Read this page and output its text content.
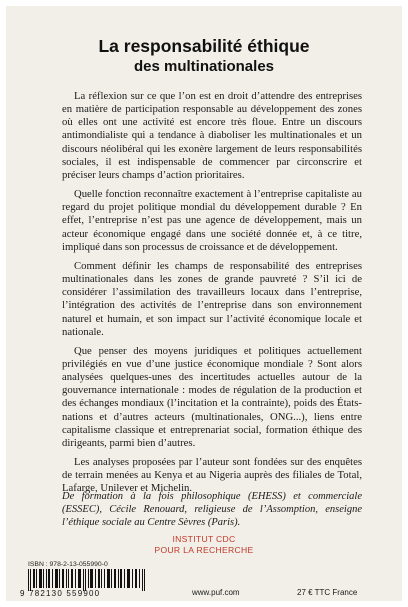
La responsabilité éthique
des multinationales

La réflexion sur ce que l’on est en droit d’attendre des entreprises en matière de participation responsable au développement des zones où elles ont une activité est encore très floue. Entre un discours antimondialiste qui a tendance à diaboliser les multinationales et un discours néolibéral qui les exonère largement de leurs responsabilités sociales, il est indispensable de commencer par circonscrire et préciser leurs champs d’action prioritaires.

Quelle fonction reconnaître exactement à l’entreprise capitaliste au regard du projet politique mondial du développement durable ? En effet, l’entreprise n’est pas une agence de développement, mais un acteur économique engagé dans une société donnée et, à ce titre, impliqué dans son processus de croissance et de développement.

Comment définir les champs de responsabilité des entreprises multinationales dans les zones de grande pauvreté ? S’il ici de considérer l’assimilation des travailleurs locaux dans l’entreprise, l’intégration des activités de l’entreprise dans son environnement naturel et humain, et son impact sur l’activité économique locale et nationale.

Que penser des moyens juridiques et politiques actuellement privilégiés en vue d’une justice économique mondiale ? Sont alors analysées quelques-unes des incertitudes actuelles autour de la gouvernance internationale : modes de régulation de la production et des échanges mondiaux (l’incitation et la contrainte), poids des États-nations et d’autres acteurs (multinationales, ONG...), liens entre capitalisme classique et entreprenariat social, formation éthique des dirigeants, parmi bien d’autres.

Les analyses proposées par l’auteur sont fondées sur des enquêtes de terrain menées au Kenya et au Nigeria auprès des filiales de Total, Lafarge, Unilever et Michelin.

De formation à la fois philosophique (EHESS) et commerciale (ESSEC), Cécile Renouard, religieuse de l’Assomption, enseigne l’éthique sociale au Centre Sèvres (Paris).

INSTITUT CDC
POUR LA RECHERCHE
ISBN : 978-2-13-055990-0
9 782130 559900	www.puf.com	27 € TTC France
